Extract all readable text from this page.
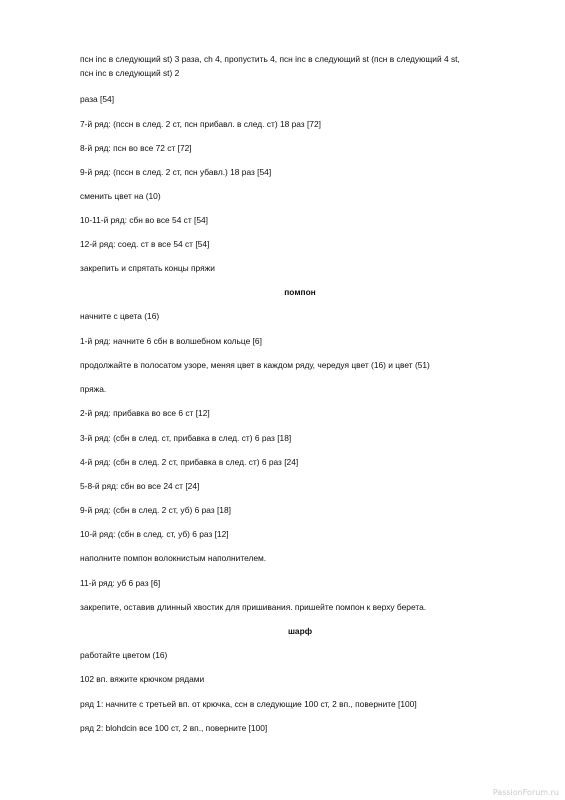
псн inc в следующий st) 3 раза, ch 4, пропустить 4, псн inc в следующий st (псн в следующий 4 st,
псн inc в следующий st) 2
раза [54]
7-й ряд: (пссн в след. 2 ст, псн прибавл. в след. ст) 18 раз [72]
8-й ряд: псн во все 72 ст [72]
9-й ряд: (пссн в след. 2 ст, псн убавл.) 18 раз [54]
сменить цвет на (10)
10-11-й ряд: сбн во все 54 ст [54]
12-й ряд: соед. ст в все 54 ст [54]
закрепить и спрятать концы пряжи
помпон
начните с цвета (16)
1-й ряд: начните 6 сбн в волшебном кольце [6]
продолжайте в полосатом узоре, меняя цвет в каждом ряду, чередуя цвет (16) и цвет (51)
пряжа.
2-й ряд: прибавка во все 6 ст [12]
3-й ряд: (сбн в след. ст, прибавка в след. ст) 6 раз [18]
4-й ряд: (сбн в след. 2 ст, прибавка в след. ст) 6 раз [24]
5-8-й ряд: сбн во все 24 ст [24]
9-й ряд: (сбн в след. 2 ст, уб) 6 раз [18]
10-й ряд: (сбн в след. ст, уб) 6 раз [12]
наполните помпон волокнистым наполнителем.
11-й ряд: уб 6 раз [6]
закрепите, оставив длинный хвостик для пришивания. пришейте помпон к верху берета.
шарф
работайте цветом (16)
102 вп. вяжите крючком рядами
ряд 1: начните с третьей вп. от крючка, ссн в следующие 100 ст, 2 вп., поверните [100]
ряд 2: blohdcin все 100 ст, 2 вп., поверните [100]
PassionForum.ru
